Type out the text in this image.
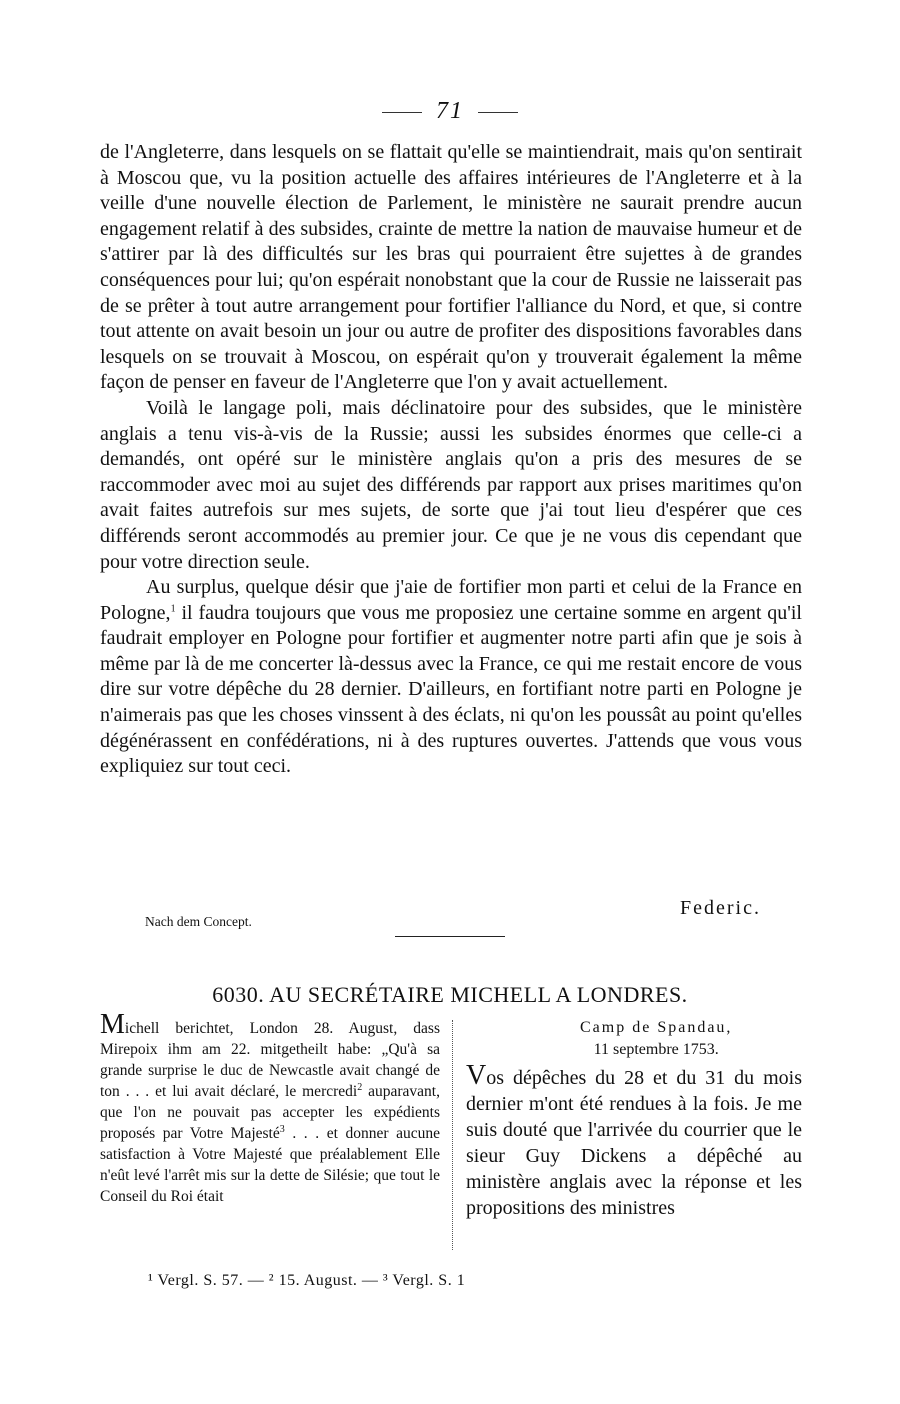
71

de l'Angleterre, dans lesquels on se flattait qu'elle se maintiendrait, mais qu'on sentirait à Moscou que, vu la position actuelle des affaires intérieures de l'Angleterre et à la veille d'une nouvelle élection de Parlement, le ministère ne saurait prendre aucun engagement relatif à des subsides, crainte de mettre la nation de mauvaise humeur et de s'attirer par là des difficultés sur les bras qui pourraient être sujettes à de grandes conséquences pour lui; qu'on espérait nonobstant que la cour de Russie ne laisserait pas de se prêter à tout autre arrangement pour fortifier l'alliance du Nord, et que, si contre tout attente on avait besoin un jour ou autre de profiter des dispositions favorables dans lesquels on se trouvait à Moscou, on espérait qu'on y trouverait également la même façon de penser en faveur de l'Angleterre que l'on y avait actuellement.

Voilà le langage poli, mais déclinatoire pour des subsides, que le ministère anglais a tenu vis-à-vis de la Russie; aussi les subsides énormes que celle-ci a demandés, ont opéré sur le ministère anglais qu'on a pris des mesures de se raccommoder avec moi au sujet des différends par rapport aux prises maritimes qu'on avait faites autrefois sur mes sujets, de sorte que j'ai tout lieu d'espérer que ces différends seront accommodés au premier jour. Ce que je ne vous dis cependant que pour votre direction seule.

Au surplus, quelque désir que j'aie de fortifier mon parti et celui de la France en Pologne,$^1$ il faudra toujours que vous me proposiez une certaine somme en argent qu'il faudrait employer en Pologne pour fortifier et augmenter notre parti afin que je sois à même par là de me concerter là-dessus avec la France, ce qui me restait encore de vous dire sur votre dépêche du 28 dernier. D'ailleurs, en fortifiant notre parti en Pologne je n'aimerais pas que les choses vinssent à des éclats, ni qu'on les poussât au point qu'elles dégénérassent en confédérations, ni à des ruptures ouvertes. J'attends que vous vous expliquiez sur tout ceci.

Federic.
Nach dem Concept.
6030. AU SECRÉTAIRE MICHELL A LONDRES.
Michell berichtet, London 28. August, dass Mirepoix ihm am 22. mitgetheilt habe: „Qu'à sa grande surprise le duc de Newcastle avait changé de ton . . . et lui avait déclaré, le mercredi$^2$ auparavant, que l'on ne pouvait pas accepter les expédients proposés par Votre Majesté$^3$ . . . et donner aucune satisfaction à Votre Majesté que préalablement Elle n'eût levé l'arrêt mis sur la dette de Silésie; que tout le Conseil du Roi était
Camp de Spandau,
11 septembre 1753.
Vos dépêches du 28 et du 31 du mois dernier m'ont été rendues à la fois. Je me suis douté que l'arrivée du courrier que le sieur Guy Dickens a dépêché au ministère anglais avec la réponse et les propositions des ministres
¹ Vergl. S. 57. — ² 15. August. — ³ Vergl. S. 1
